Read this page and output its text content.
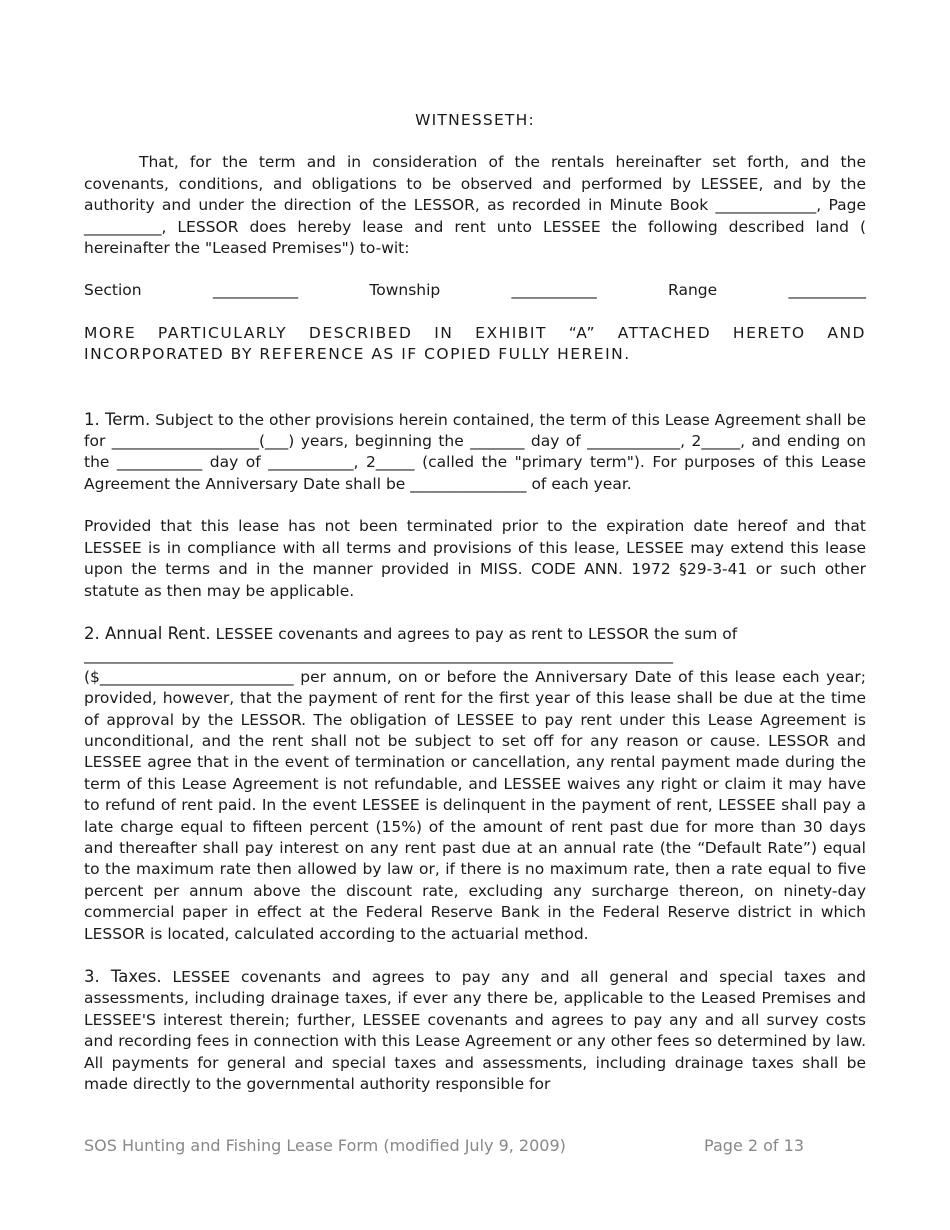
WITNESSETH:

That, for the term and in consideration of the rentals hereinafter set forth, and the covenants, conditions, and obligations to be observed and performed by LESSEE, and by the authority and under the direction of the LESSOR, as recorded in Minute Book _____________, Page __________, LESSOR does hereby lease and rent unto LESSEE the following described land ( hereinafter the "Leased Premises") to-wit:

Section	___________	Township	___________	Range	__________

MORE PARTICULARLY DESCRIBED IN EXHIBIT “A” ATTACHED HERETO AND INCORPORATED BY REFERENCE AS IF COPIED FULLY HEREIN.

1. Term. Subject to the other provisions herein contained, the term of this Lease Agreement shall be for ___________________(___) years, beginning the _______ day of ____________, 2_____, and ending on the ___________ day of ___________, 2_____ (called the "primary term"). For purposes of this Lease Agreement the Anniversary Date shall be _______________ of each year.

Provided that this lease has not been terminated prior to the expiration date hereof and that LESSEE is in compliance with all terms and provisions of this lease, LESSEE may extend this lease upon the terms and in the manner provided in MISS. CODE ANN. 1972 §29-3-41 or such other statute as then may be applicable.

2. Annual Rent. LESSEE covenants and agrees to pay as rent to LESSOR the sum of

____________________________________________________________________________

($_________________________ per annum, on or before the Anniversary Date of this lease each year; provided, however, that the payment of rent for the first year of this lease shall be due at the time of approval by the LESSOR. The obligation of LESSEE to pay rent under this Lease Agreement is unconditional, and the rent shall not be subject to set off for any reason or cause. LESSOR and LESSEE agree that in the event of termination or cancellation, any rental payment made during the term of this Lease Agreement is not refundable, and LESSEE waives any right or claim it may have to refund of rent paid. In the event LESSEE is delinquent in the payment of rent, LESSEE shall pay a late charge equal to fifteen percent (15%) of the amount of rent past due for more than 30 days and thereafter shall pay interest on any rent past due at an annual rate (the “Default Rate”) equal to the maximum rate then allowed by law or, if there is no maximum rate, then a rate equal to five percent per annum above the discount rate, excluding any surcharge thereon, on ninety-day commercial paper in effect at the Federal Reserve Bank in the Federal Reserve district in which LESSOR is located, calculated according to the actuarial method.

3. Taxes. LESSEE covenants and agrees to pay any and all general and special taxes and assessments, including drainage taxes, if ever any there be, applicable to the Leased Premises and LESSEE'S interest therein; further, LESSEE covenants and agrees to pay any and all survey costs and recording fees in connection with this Lease Agreement or any other fees so determined by law. All payments for general and special taxes and assessments, including drainage taxes shall be made directly to the governmental authority responsible for

SOS Hunting and Fishing Lease Form (modified July 9, 2009)	Page 2 of 13
